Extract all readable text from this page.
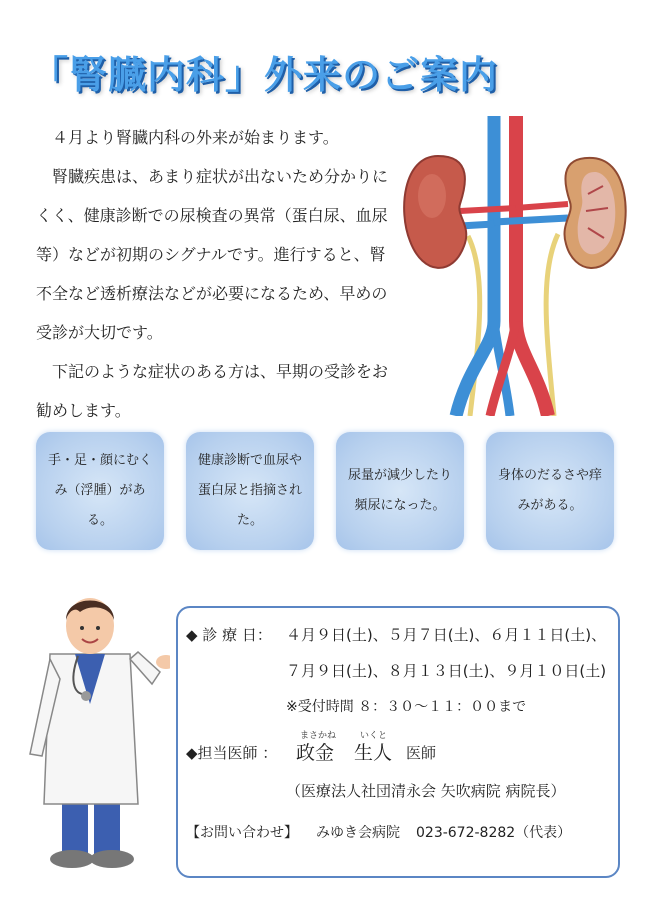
「腎臓内科」外来のご案内

４月より腎臓内科の外来が始まります。

腎臓疾患は、あまり症状が出ないため分かりにくく、健康診断での尿検査の異常（蛋白尿、血尿等）などが初期のシグナルです。進行すると、腎不全など透析療法などが必要になるため、早めの受診が大切です。

下記のような症状のある方は、早期の受診をお勧めします。

手・足・顔にむくみ（浮腫）がある。
健康診断で血尿や蛋白尿と指摘された。
尿量が減少したり頻尿になった。
身体のだるさや痒みがある。
◆ 診 療 日： ４月９日(土)、５月７日(土)、６月１１日(土)、
７月９日(土)、８月１３日(土)、９月１０日(土)
※受付時間 ８：３０～１１：００まで
◆担当医師 ：
まさかね	いくと
政金 生人 医師
（医療法人社団清永会 矢吹病院 病院長）
【お問い合わせ】 みゆき会病院 023-672-8282（代表）
